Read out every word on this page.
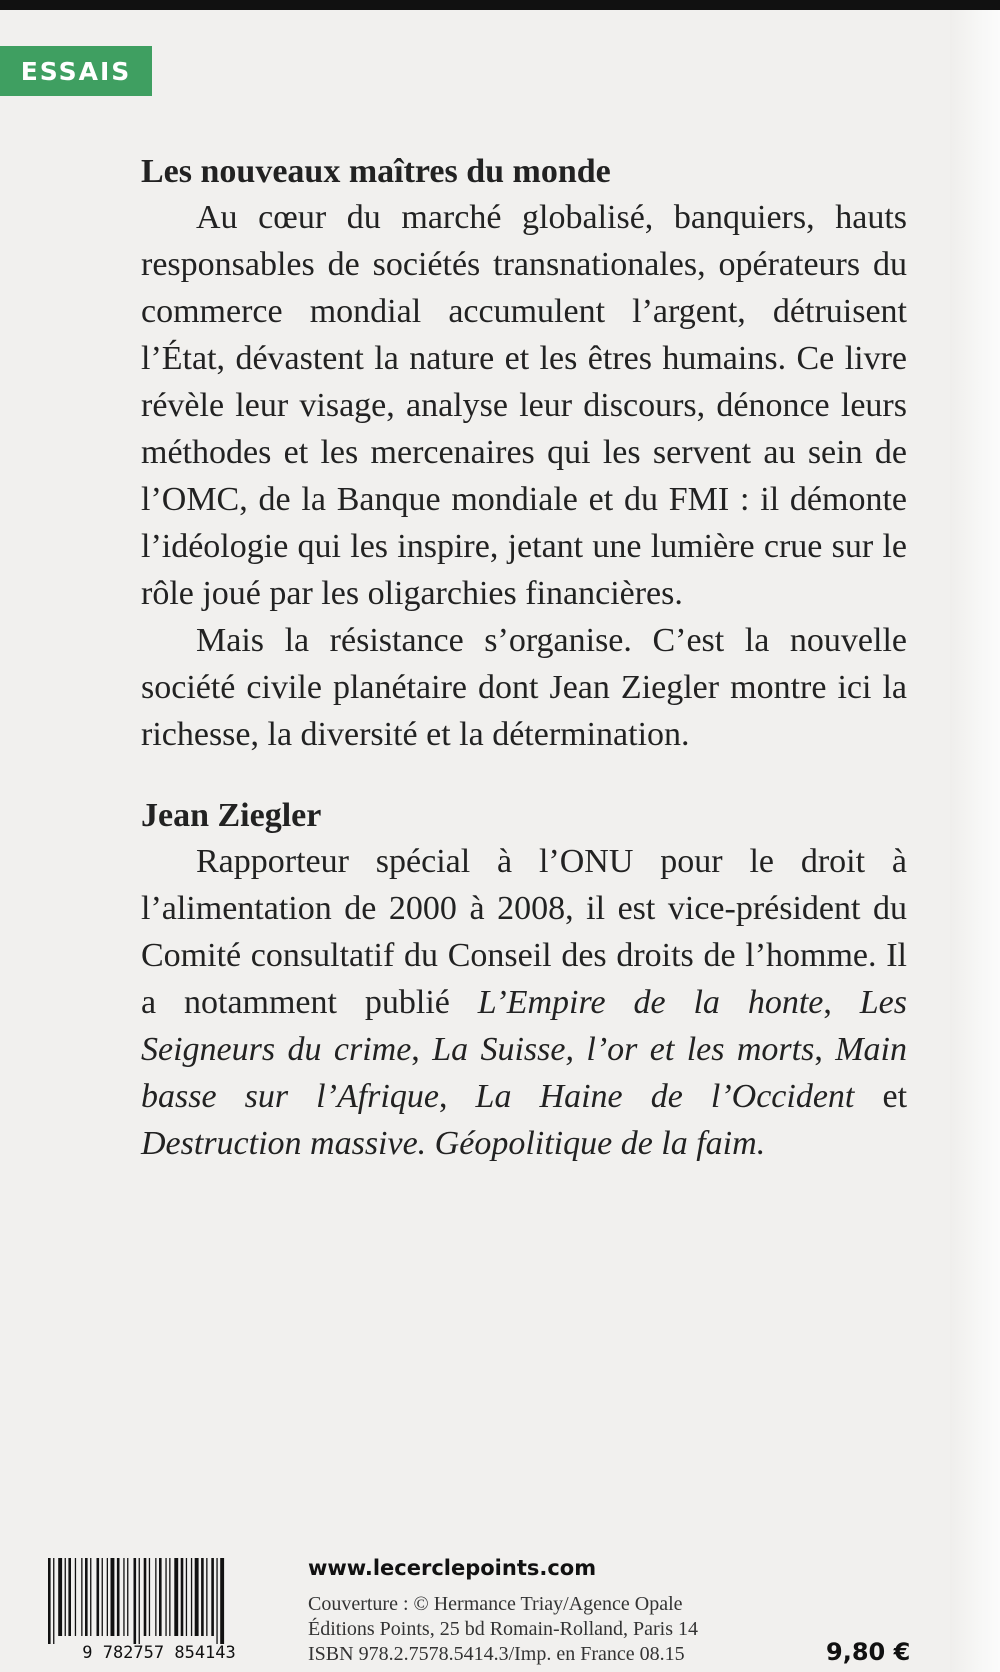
ESSAIS
Les nouveaux maîtres du monde

Au cœur du marché globalisé, banquiers, hauts responsables de sociétés transnationales, opérateurs du commerce mondial accumulent l’argent, détruisent l’État, dévastent la nature et les êtres humains. Ce livre révèle leur visage, analyse leur discours, dénonce leurs méthodes et les mercenaires qui les servent au sein de l’OMC, de la Banque mondiale et du FMI : il démonte l’idéologie qui les inspire, jetant une lumière crue sur le rôle joué par les oligarchies financières.

Mais la résistance s’organise. C’est la nouvelle société civile planétaire dont Jean Ziegler montre ici la richesse, la diversité et la détermination.

Jean Ziegler

Rapporteur spécial à l’ONU pour le droit à l’alimentation de 2000 à 2008, il est vice-président du Comité consultatif du Conseil des droits de l’homme. Il a notamment publié L’Empire de la honte, Les Seigneurs du crime, La Suisse, l’or et les morts, Main basse sur l’Afrique, La Haine de l’Occident et Destruction massive. Géopolitique de la faim.

9 782757 854143
www.lecerclepoints.com
Couverture : © Hermance Triay/Agence Opale
Éditions Points, 25 bd Romain-Rolland, Paris 14
ISBN 978.2.7578.5414.3/Imp. en France 08.15	9,80 €
